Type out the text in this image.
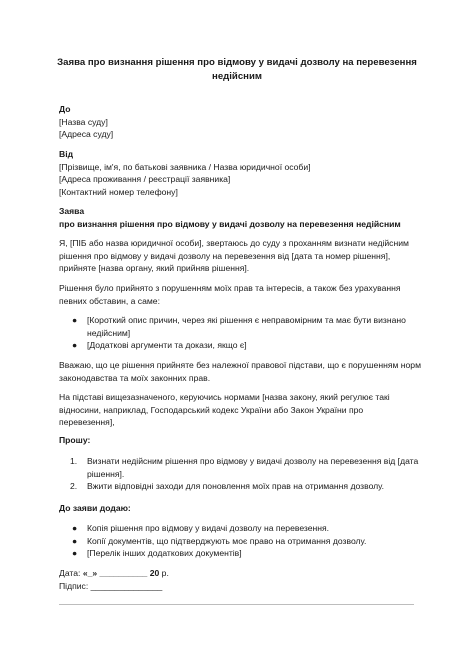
Заява про визнання рішення про відмову у видачі дозволу на перевезення недійсним

До

[Назва суду]

[Адреса суду]

Від

[Прізвище, ім'я, по батькові заявника / Назва юридичної особи]

[Адреса проживання / реєстрації заявника]

[Контактний номер телефону]

Заява

про визнання рішення про відмову у видачі дозволу на перевезення недійсним

Я, [ПІБ або назва юридичної особи], звертаюсь до суду з проханням визнати недійсним рішення про відмову у видачі дозволу на перевезення від [дата та номер рішення], прийняте [назва органу, який прийняв рішення].

Рішення було прийнято з порушенням моїх прав та інтересів, а також без урахування певних обставин, а саме:

● [Короткий опис причин, через які рішення є неправомірним та має бути визнано недійсним]
● [Додаткові аргументи та докази, якщо є]

Вважаю, що це рішення прийняте без належної правової підстави, що є порушенням норм законодавства та моїх законних прав.

На підставі вищезазначеного, керуючись нормами [назва закону, який регулює такі відносини, наприклад, Господарський кодекс України або Закон України про перевезення],

Прошу:

1. Визнати недійсним рішення про відмову у видачі дозволу на перевезення від [дата рішення].
2. Вжити відповідні заходи для поновлення моїх прав на отримання дозволу.

До заяви додаю:

● Копія рішення про відмову у видачі дозволу на перевезення.
● Копії документів, що підтверджують моє право на отримання дозволу.
● [Перелік інших додаткових документів]

Дата: «_» __________ 20 р.

Підпис: _______________
